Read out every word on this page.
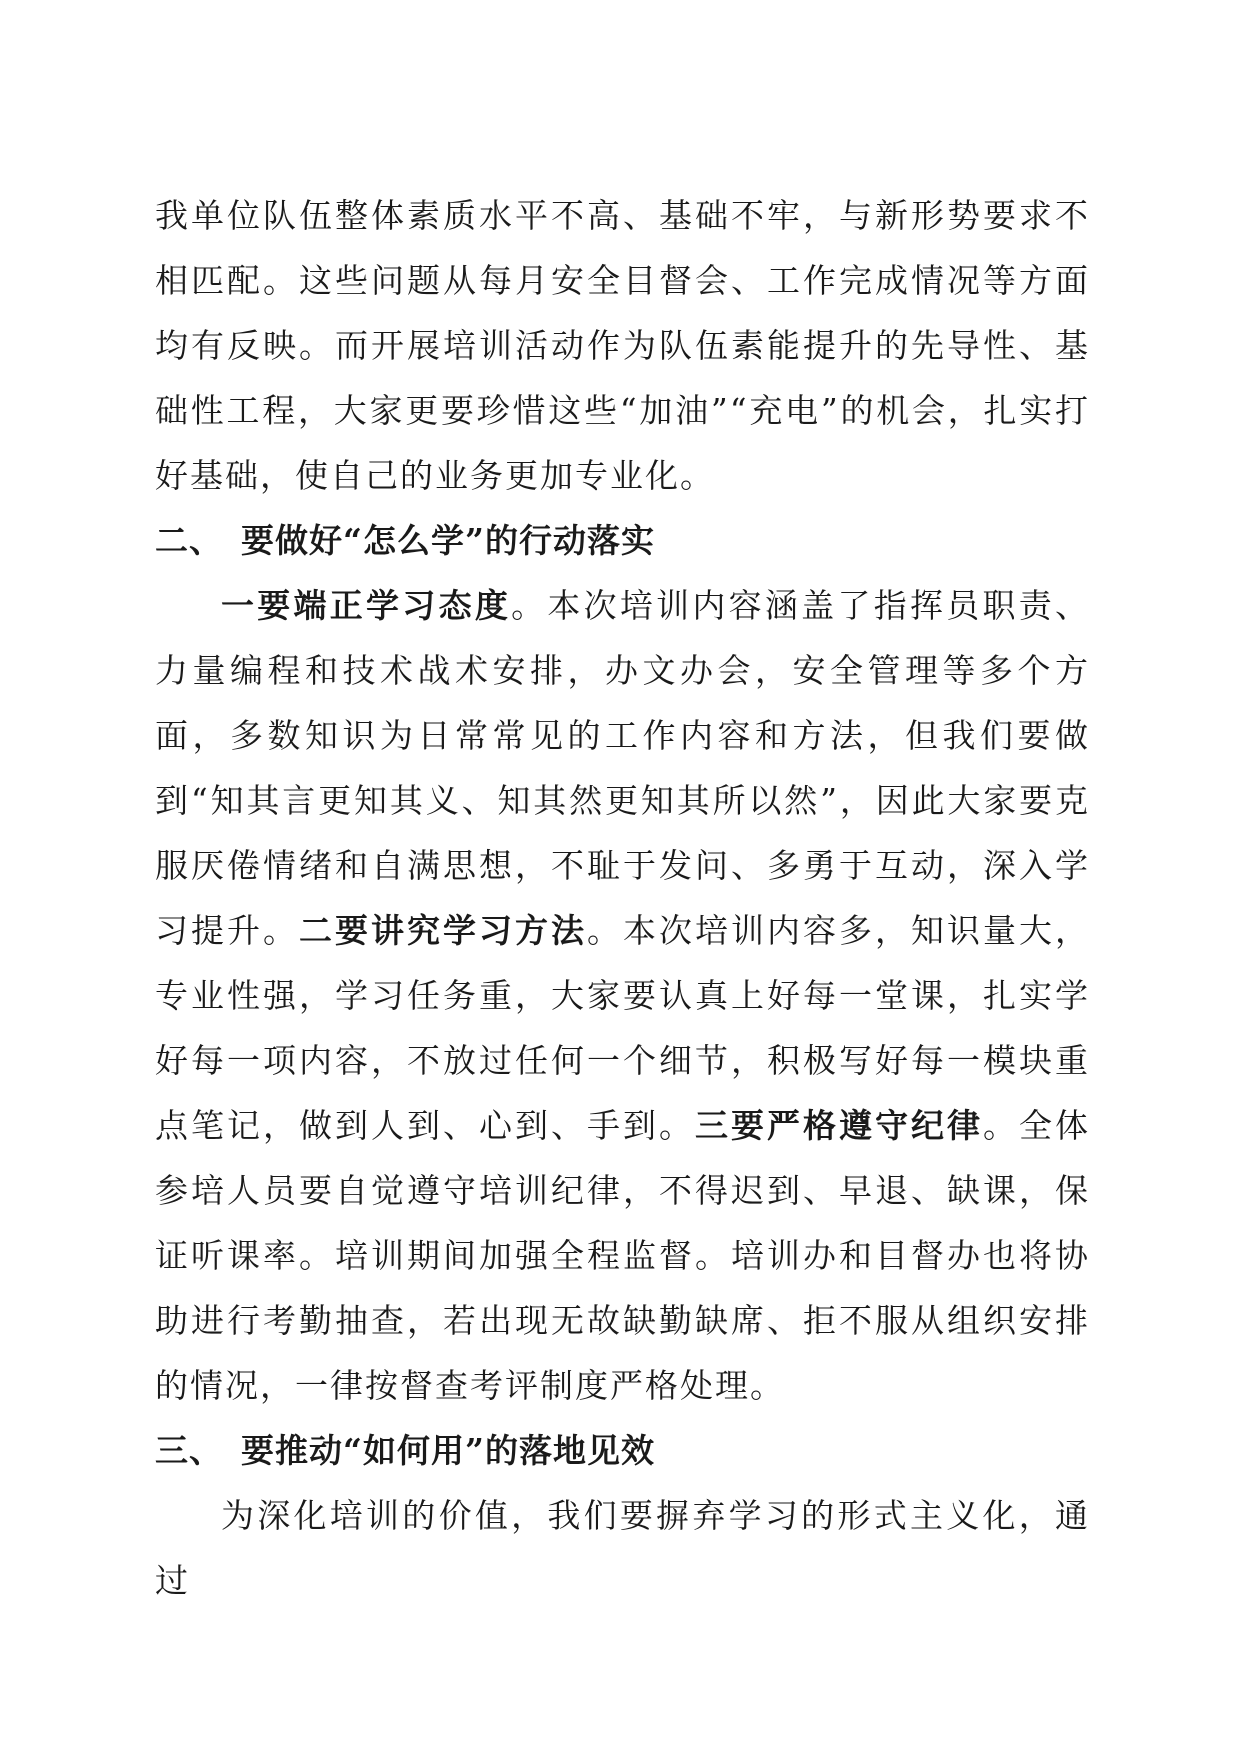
我单位队伍整体素质水平不高、基础不牢，与新形势要求不相匹配。这些问题从每月安全目督会、工作完成情况等方面均有反映。而开展培训活动作为队伍素能提升的先导性、基础性工程，大家更要珍惜这些“加油”“充电”的机会，扎实打好基础，使自己的业务更加专业化。

二、 要做好“怎么学”的行动落实

一要端正学习态度。本次培训内容涵盖了指挥员职责、力量编程和技术战术安排，办文办会，安全管理等多个方面，多数知识为日常常见的工作内容和方法，但我们要做到“知其言更知其义、知其然更知其所以然”，因此大家要克服厌倦情绪和自满思想，不耻于发问、多勇于互动，深入学习提升。二要讲究学习方法。本次培训内容多，知识量大，专业性强，学习任务重，大家要认真上好每一堂课，扎实学好每一项内容，不放过任何一个细节，积极写好每一模块重点笔记，做到人到、心到、手到。三要严格遵守纪律。全体参培人员要自觉遵守培训纪律，不得迟到、早退、缺课，保证听课率。培训期间加强全程监督。培训办和目督办也将协助进行考勤抽查，若出现无故缺勤缺席、拒不服从组织安排的情况，一律按督查考评制度严格处理。

三、 要推动“如何用”的落地见效

为深化培训的价值，我们要摒弃学习的形式主义化，通过
